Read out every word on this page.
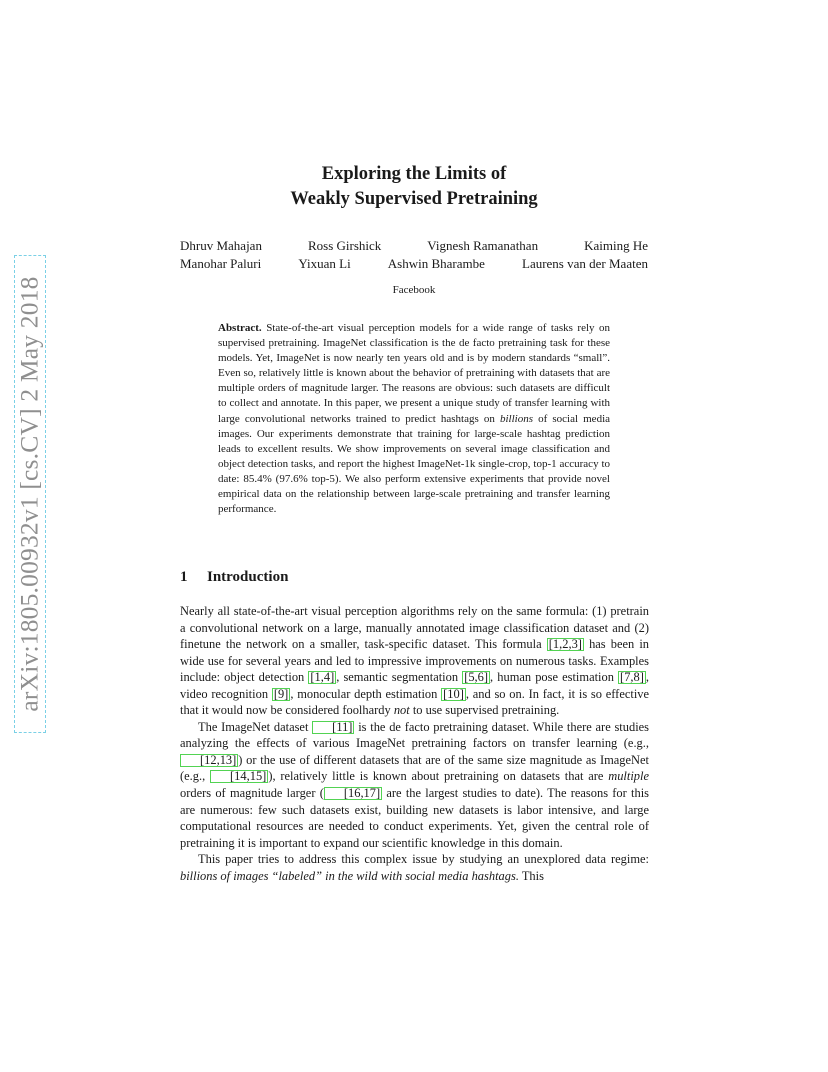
arXiv:1805.00932v1 [cs.CV] 2 May 2018
Exploring the Limits of
Weakly Supervised Pretraining
Dhruv Mahajan	Ross Girshick	Vignesh Ramanathan	Kaiming He
Manohar Paluri	Yixuan Li	Ashwin Bharambe	Laurens van der Maaten
Facebook
Abstract. State-of-the-art visual perception models for a wide range of tasks rely on supervised pretraining. ImageNet classification is the de facto pretraining task for these models. Yet, ImageNet is now nearly ten years old and is by modern standards “small”. Even so, relatively little is known about the behavior of pretraining with datasets that are multiple orders of magnitude larger. The reasons are obvious: such datasets are difficult to collect and annotate. In this paper, we present a unique study of transfer learning with large convolutional networks trained to predict hashtags on billions of social media images. Our experiments demonstrate that training for large-scale hashtag prediction leads to excellent results. We show improvements on several image classification and object detection tasks, and report the highest ImageNet-1k single-crop, top-1 accuracy to date: 85.4% (97.6% top-5). We also perform extensive experiments that provide novel empirical data on the relationship between large-scale pretraining and transfer learning performance.
1 Introduction

Nearly all state-of-the-art visual perception algorithms rely on the same formula: (1) pretrain a convolutional network on a large, manually annotated image classification dataset and (2) finetune the network on a smaller, task-specific dataset. This formula [1,2,3] has been in wide use for several years and led to impressive improvements on numerous tasks. Examples include: object detection [1,4] , semantic segmentation [5,6] , human pose estimation [7,8] , video recognition [9] , monocular depth estimation [10] , and so on. In fact, it is so effective that it would now be considered foolhardy not to use supervised pretraining.

The ImageNet dataset [11] is the de facto pretraining dataset. While there are studies analyzing the effects of various ImageNet pretraining factors on transfer learning (e.g., [12,13] ) or the use of different datasets that are of the same size magnitude as ImageNet (e.g., [14,15] ), relatively little is known about pretraining on datasets that are multiple orders of magnitude larger ( [16,17] are the largest studies to date). The reasons for this are numerous: few such datasets exist, building new datasets is labor intensive, and large computational resources are needed to conduct experiments. Yet, given the central role of pretraining it is important to expand our scientific knowledge in this domain.

This paper tries to address this complex issue by studying an unexplored data regime: billions of images “labeled” in the wild with social media hashtags. This
